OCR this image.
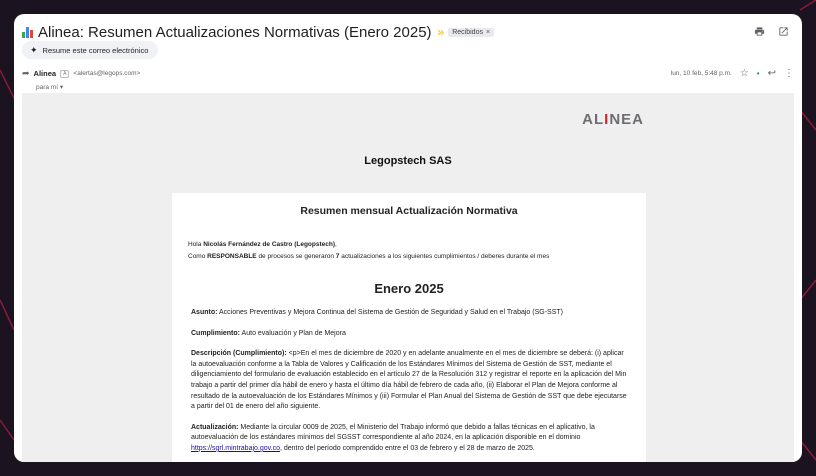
Alinea: Resumen Actualizaciones Normativas (Enero 2025) » Recibidos ×
✦ Resume este correo electrónico
➦ Alinea	A	<alertas@legops.com>
para mí ▾
lun, 10 feb, 5:48 p.m. ☆ • ↩ ⋮
ALINEA
Legopstech SAS
Resumen mensual Actualización Normativa
Hola Nicolás Fernández de Castro (Legopstech),
Como RESPONSABLE de procesos se generaron 7 actualizaciones a los siguientes cumplimientos / deberes durante el mes
Enero 2025
Asunto: Acciones Preventivas y Mejora Continua del Sistema de Gestión de Seguridad y Salud en el Trabajo (SG-SST)
Cumplimiento: Auto evaluación y Plan de Mejora
Descripción (Cumplimiento): <p>En el mes de diciembre de 2020 y en adelante anualmente en el mes de diciembre se deberá: (i) aplicar la autoevaluación conforme a la Tabla de Valores y Calificación de los Estándares Mínimos del Sistema de Gestión de SST, mediante el diligenciamiento del formulario de evaluación establecido en el artículo 27 de la Resolución 312 y registrar el reporte en la aplicación del Min trabajo a partir del primer día hábil de enero y hasta el último día hábil de febrero de cada año, (ii) Elaborar el Plan de Mejora conforme al resultado de la autoevaluación de los Estándares Mínimos y (iii) Formular el Plan Anual del Sistema de Gestión de SST que debe ejecutarse a partir del 01 de enero del año siguiente.
Actualización: Mediante la circular 0009 de 2025, el Ministerio del Trabajo informó que debido a fallas técnicas en el aplicativo, la autoevaluación de los estándares mínimos del SGSST correspondiente al año 2024, en la aplicación disponible en el dominio https://sgrl.mintrabajo.gov.co, dentro del período comprendido entre el 03 de febrero y el 28 de marzo de 2025.
